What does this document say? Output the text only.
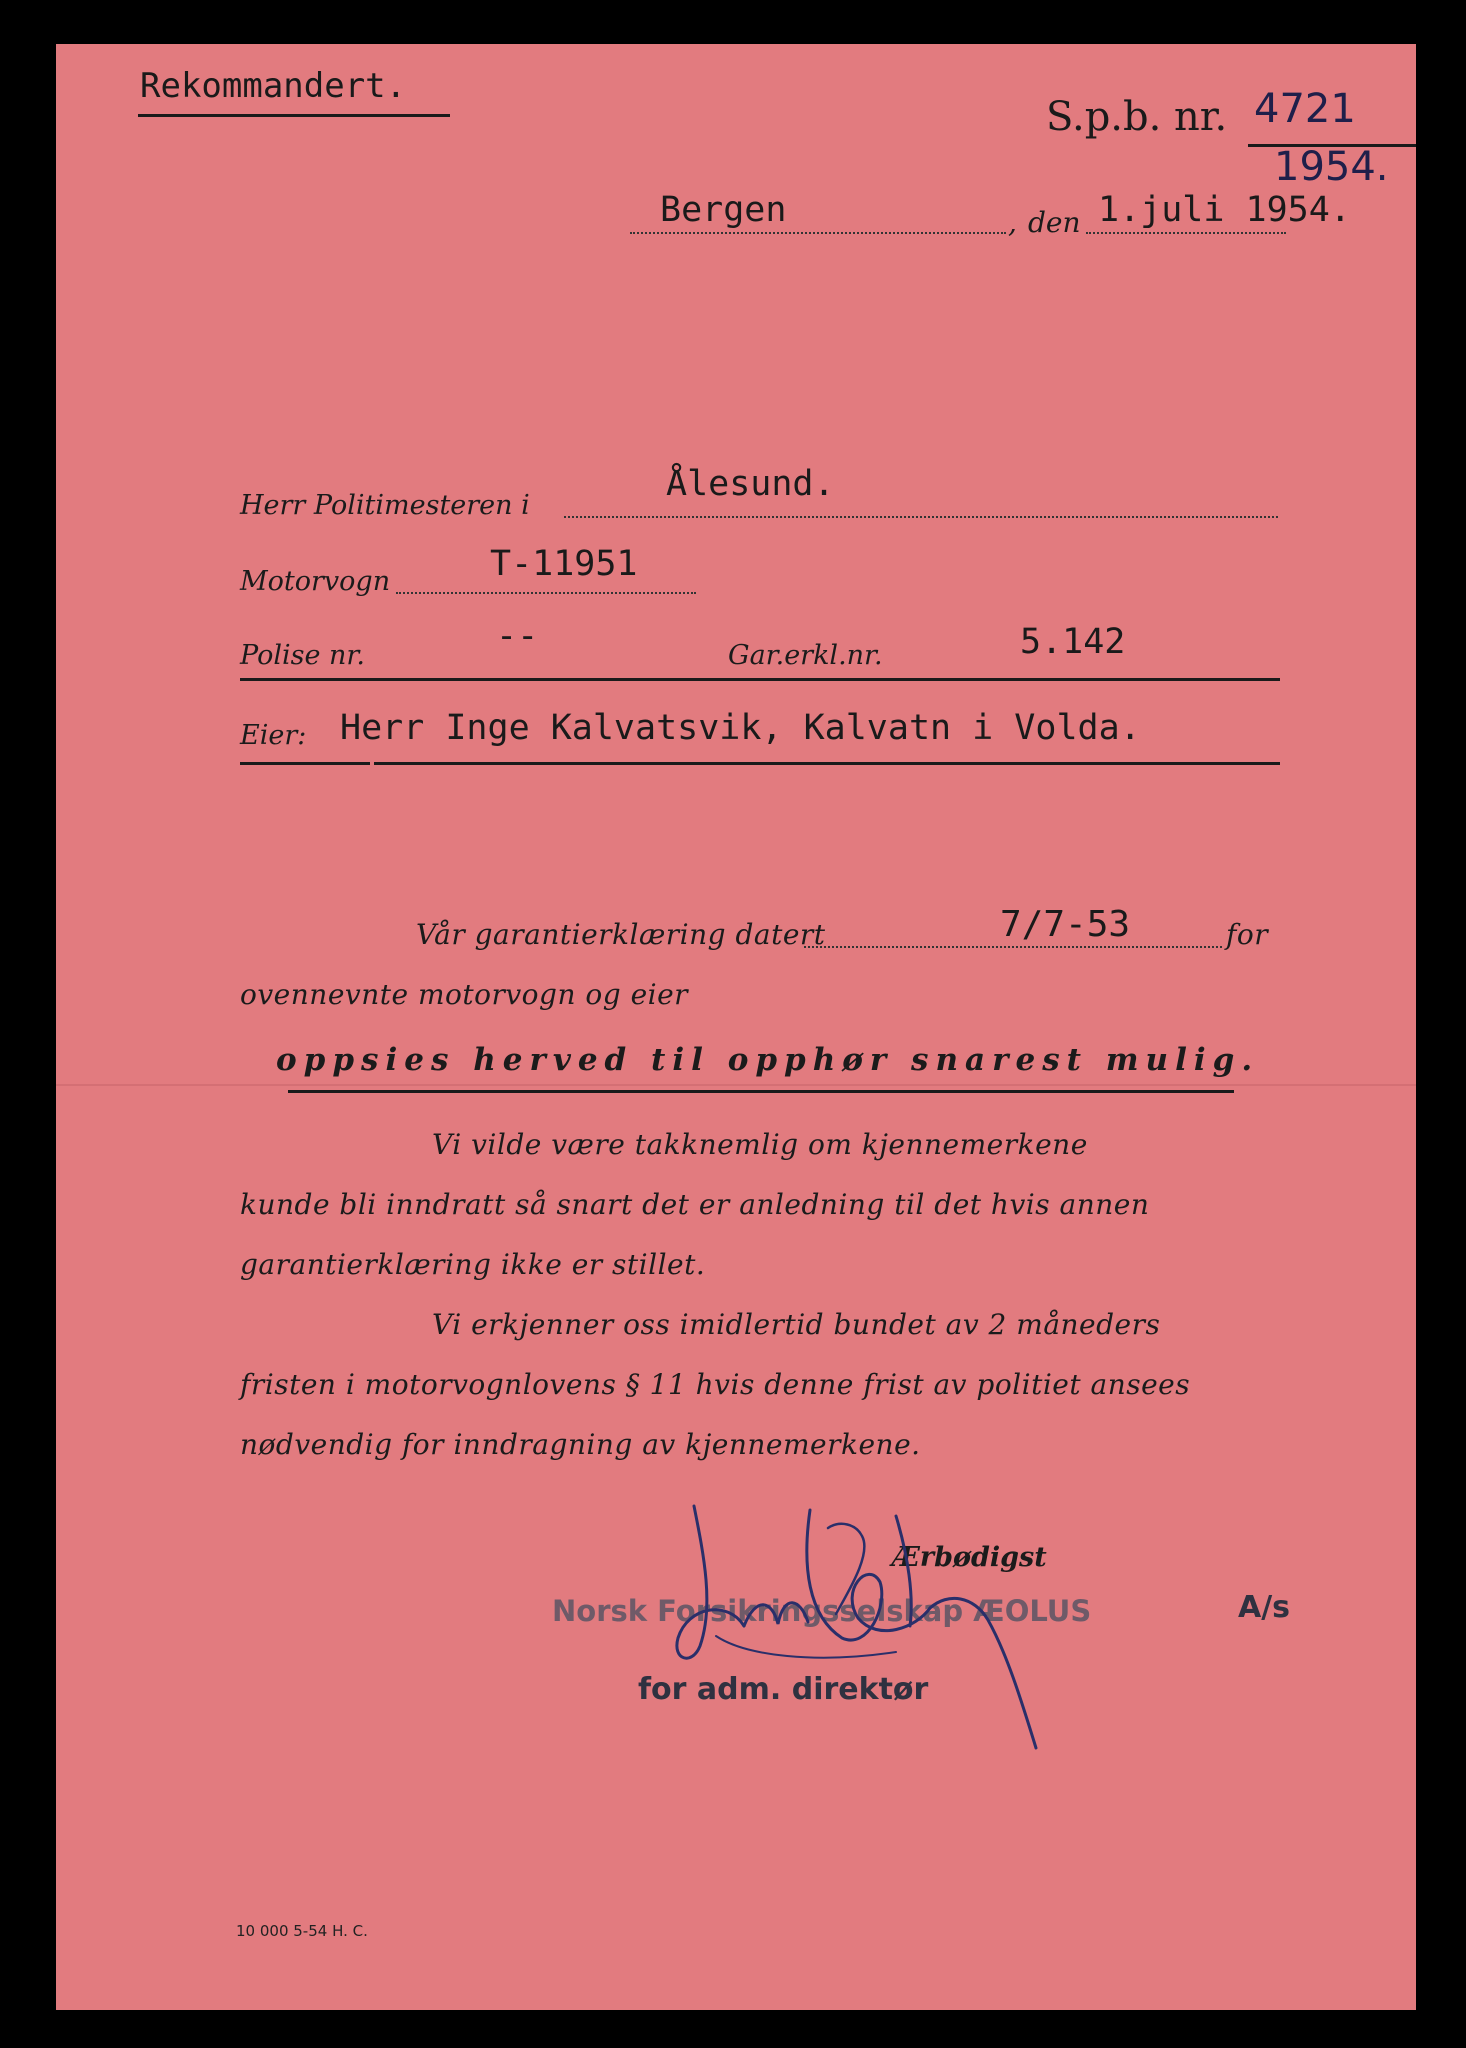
Rekommandert.
S.p.b. nr. 4721
1954.
Bergen	, den 1.juli 1954.
Herr Politimesteren i
Ålesund.
Motorvogn	T-11951
Polise nr.	--	Gar.erkl.nr.	5.142
Eier: Herr Inge Kalvatsvik, Kalvatn i Volda.
Vår garantierklæring datert	7/7-53	for
ovennevnte motorvogn og eier
oppsies herved til opphør snarest mulig.
Vi vilde være takknemlig om kjennemerkene
kunde bli inndratt så snart det er anledning til det hvis annen
garantierklæring ikke er stillet.
Vi erkjenner oss imidlertid bundet av 2 måneders
fristen i motorvognlovens § 11 hvis denne frist av politiet ansees
nødvendig for inndragning av kjennemerkene.
Ærbødigst
Norsk Forsikringsselskap ÆOLUS	A/s
for adm. direktør
10 000 5-54 H. C.
